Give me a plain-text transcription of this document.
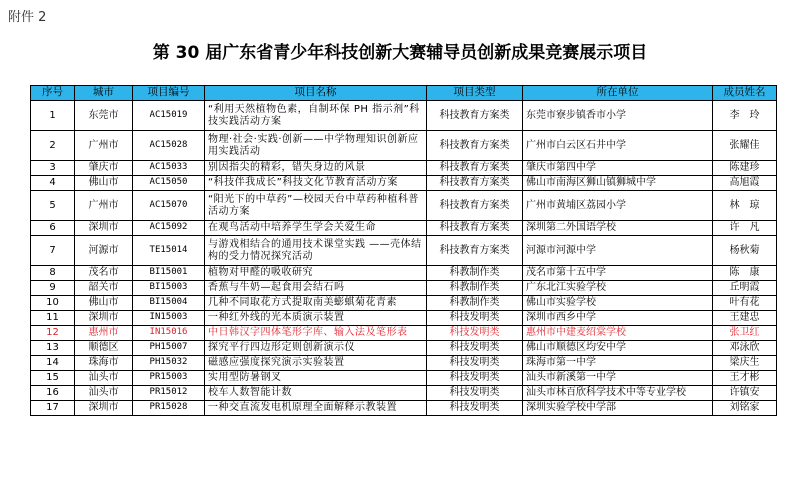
附件 2
第 30 届广东省青少年科技创新大赛辅导员创新成果竞赛展示项目
序号	城市	项目编号	项目名称	项目类型	所在单位	成员姓名
1	东莞市	AC15019	“利用天然植物色素，自制环保 PH 指示剂”科技实践活动方案	科技教育方案类	东莞市寮步镇香市小学	李　玲
2	广州市	AC15028	物理·社会·实践·创新——中学物理知识创新应用实践活动	科技教育方案类	广州市白云区石井中学	张耀佳
3	肇庆市	AC15033	别因指尖的精彩，错失身边的风景	科技教育方案类	肇庆市第四中学	陈建珍
4	佛山市	AC15050	“科技伴我成长”科技文化节教育活动方案	科技教育方案类	佛山市南海区狮山镇狮城中学	高旭霞
5	广州市	AC15070	“阳光下的中草药”—校园天台中草药种植科普活动方案	科技教育方案类	广州市黄埔区荔园小学	林　琼
6	深圳市	AC15092	在观鸟活动中培养学生学会关爱生命	科技教育方案类	深圳第二外国语学校	许　凡
7	河源市	TE15014	与游戏相结合的通用技术课堂实践 ——壳体结构的受力情况探究活动	科技教育方案类	河源市河源中学	杨秋菊
8	茂名市	BI15001	植物对甲醛的吸收研究	科教制作类	茂名市第十五中学	陈　康
9	韶关市	BI15003	香蕉与牛奶—起食用会结石吗	科教制作类	广东北江实验学校	丘明霞
10	佛山市	BI15004	几种不同取花方式提取南美蟛蜞菊花青素	科教制作类	佛山市实验学校	叶有花
11	深圳市	IN15003	一种红外线的光本质演示装置	科技发明类	深圳市西乡中学	王建忠
12	惠州市	IN15016	中日韩汉字四体笔形字库、输入法及笔形表	科技发明类	惠州市中建麦绍棠学校	张卫红
13	顺德区	PH15007	探究平行四边形定则创新演示仪	科技发明类	佛山市顺德区均安中学	邓泳欣
14	珠海市	PH15032	磁感应强度探究演示实验装置	科技发明类	珠海市第一中学	梁庆生
15	汕头市	PR15003	实用型防暑钢叉	科技发明类	汕头市新溪第一中学	王才彬
16	汕头市	PR15012	校车人数智能计数	科技发明类	汕头市林百欣科学技术中等专业学校	许镇安
17	深圳市	PR15028	一种交直流发电机原理全面解释示教装置	科技发明类	深圳实验学校中学部	刘铭家
